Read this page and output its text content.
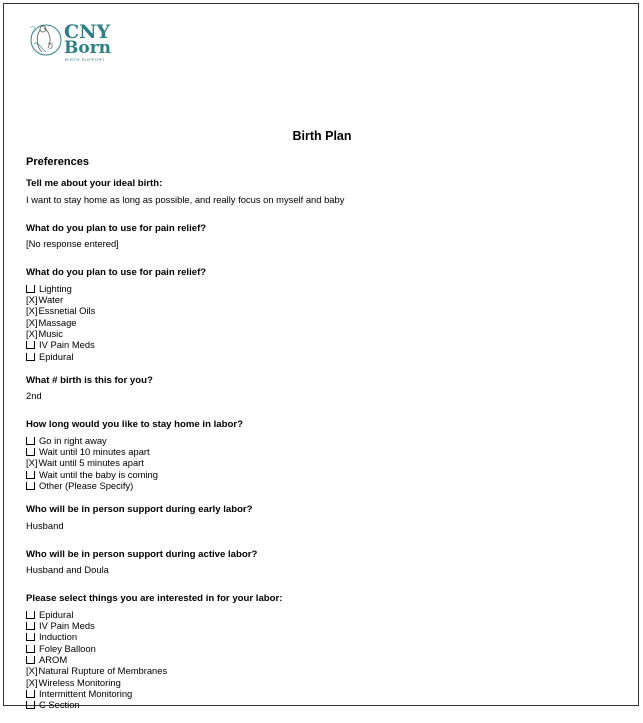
CNY
Born
BIRTH SUPPORT
Birth Plan
Preferences
Tell me about your ideal birth:
I want to stay home as long as possible, and really focus on myself and baby
What do you plan to use for pain relief?
[No response entered]
What do you plan to use for pain relief?
Lighting
[X]Water
[X]Essnetial Oils
[X]Massage
[X]Music
IV Pain Meds
Epidural
What # birth is this for you?
2nd
How long would you like to stay home in labor?
Go in right away
Wait until 10 minutes apart
[X]Wait until 5 minutes apart
Wait until the baby is coming
Other (Please Specify)
Who will be in person support during early labor?
Husband
Who will be in person support during active labor?
Husband and Doula
Please select things you are interested in for your labor:
Epidural
IV Pain Meds
Induction
Foley Balloon
AROM
[X]Natural Rupture of Membranes
[X]Wireless Monitoring
Intermittent Monitoring
C Section
